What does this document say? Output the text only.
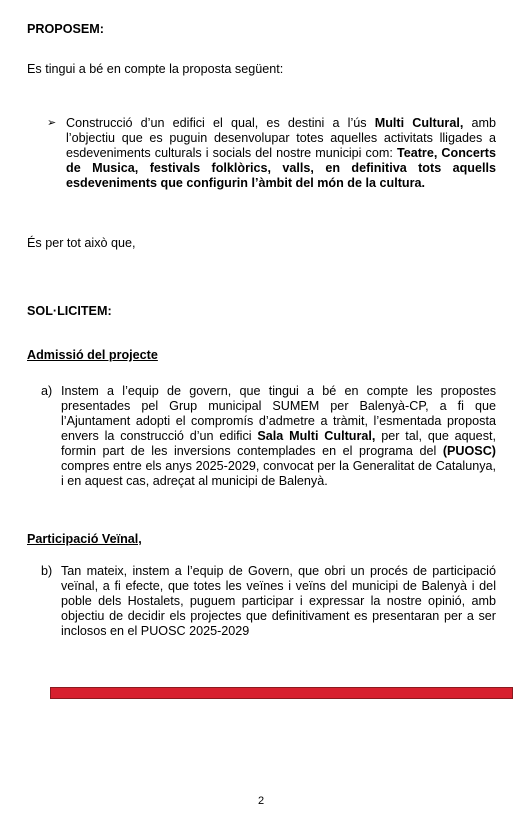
PROPOSEM:
Es tingui a bé en compte la proposta següent:
➢ Construcció d’un edifici el qual, es destini a l’ús Multi Cultural, amb l’objectiu que es puguin desenvolupar totes aquelles activitats lligades a esdeveniments culturals i socials del nostre municipi com: Teatre, Concerts de Musica, festivals folklòrics, valls, en definitiva tots aquells esdeveniments que configurin l’àmbit del món de la cultura.
És per tot això que,
SOL·LICITEM:
Admissió del projecte
a) Instem a l’equip de govern, que tingui a bé en compte les propostes presentades pel Grup municipal SUMEM per Balenyà-CP, a fi que l’Ajuntament adopti el compromís d’admetre a tràmit, l’esmentada proposta envers la construcció d’un edifici Sala Multi Cultural, per tal, que aquest, formin part de les inversions contemplades en el programa del (PUOSC) compres entre els anys 2025-2029, convocat per la Generalitat de Catalunya, i en aquest cas, adreçat al municipi de Balenyà.
Participació Veïnal,
b) Tan mateix, instem a l’equip de Govern, que obri un procés de participació veïnal, a fi efecte, que totes les veïnes i veïns del municipi de Balenyà i del poble dels Hostalets, puguem participar i expressar la nostre opinió, amb objectiu de decidir els projectes que definitivament es presentaran per a ser inclosos en el PUOSC 2025-2029
2
